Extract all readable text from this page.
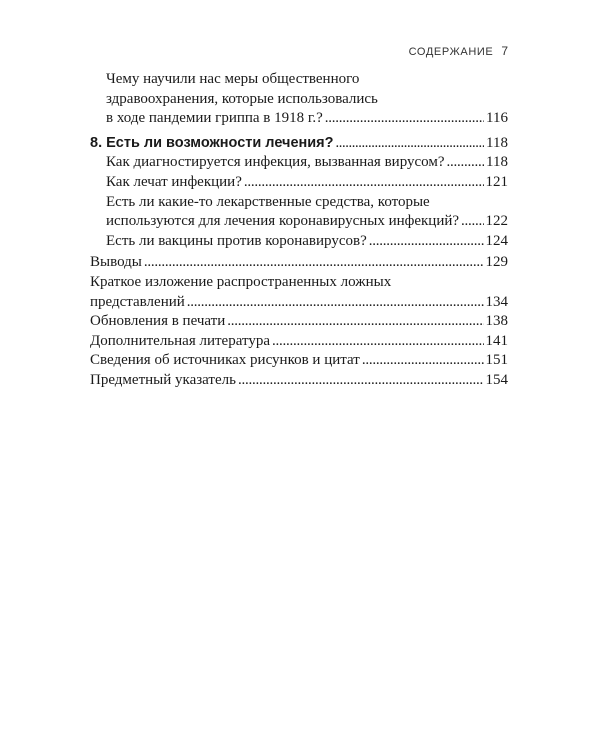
СОДЕРЖАНИЕ 7
Чему научили нас меры общественного
здравоохранения, которые использовались
в ходе пандемии гриппа в 1918 г.? . . .	116
8. Есть ли возможности лечения? . . .	118
Как диагностируется инфекция, вызванная вирусом? . . .	118
Как лечат инфекции? . . .	121
Есть ли какие-то лекарственные средства, которые
используются для лечения коронавирусных инфекций? . . . 122
Есть ли вакцины против коронавирусов? . . .	124
Выводы . . .	129
Краткое изложение распространенных ложных
представлений . . .	134
Обновления в печати . . .	138
Дополнительная литература . . .	141
Сведения об источниках рисунков и цитат . . .	151
Предметный указатель . . .	154
